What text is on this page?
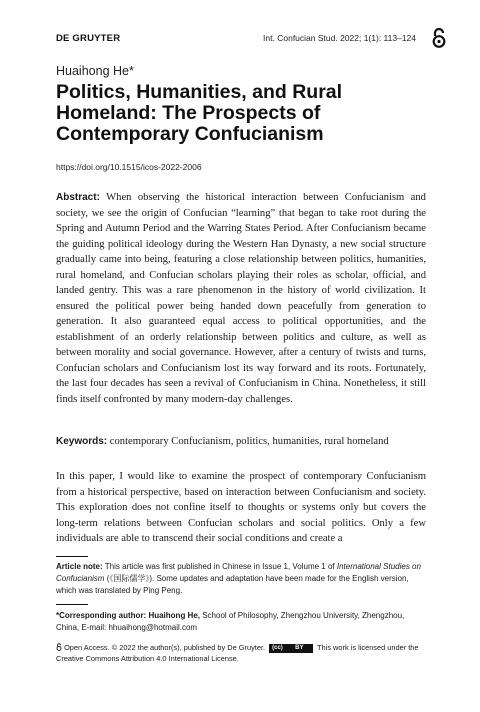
DE GRUYTER	Int. Confucian Stud. 2022; 1(1): 113–124
Huaihong He*
Politics, Humanities, and Rural Homeland: The Prospects of Contemporary Confucianism
https://doi.org/10.1515/icos-2022-2006

Abstract: When observing the historical interaction between Confucianism and society, we see the origin of Confucian “learning” that began to take root during the Spring and Autumn Period and the Warring States Period. After Confucianism became the guiding political ideology during the Western Han Dynasty, a new social structure gradually came into being, featuring a close relationship between politics, humanities, rural homeland, and Confucian scholars playing their roles as scholar, official, and landed gentry. This was a rare phenomenon in the history of world civilization. It ensured the political power being handed down peacefully from generation to generation. It also guaranteed equal access to political opportunities, and the establishment of an orderly relationship between politics and culture, as well as between morality and social governance. However, after a century of twists and turns, Confucian scholars and Confucianism lost its way forward and its roots. Fortunately, the last four decades has seen a revival of Confucianism in China. Nonetheless, it still finds itself confronted by many modern-day challenges.

Keywords: contemporary Confucianism, politics, humanities, rural homeland

In this paper, I would like to examine the prospect of contemporary Confucianism from a historical perspective, based on interaction between Confucianism and society. This exploration does not confine itself to thoughts or systems only but covers the long-term relations between Confucian scholars and social politics. Only a few individuals are able to transcend their social conditions and create a

Article note: This article was first published in Chinese in Issue 1, Volume 1 of International Studies on Confucianism (《国际儒学》). Some updates and adaptation have been made for the English version, which was translated by Ping Peng.

*Corresponding author: Huaihong He, School of Philosophy, Zhengzhou University, Zhengzhou, China, E-mail: hhuaihong@hotmail.com

Open Access. © 2022 the author(s), published by De Gruyter. (cc) BY This work is licensed under the Creative Commons Attribution 4.0 International License.
